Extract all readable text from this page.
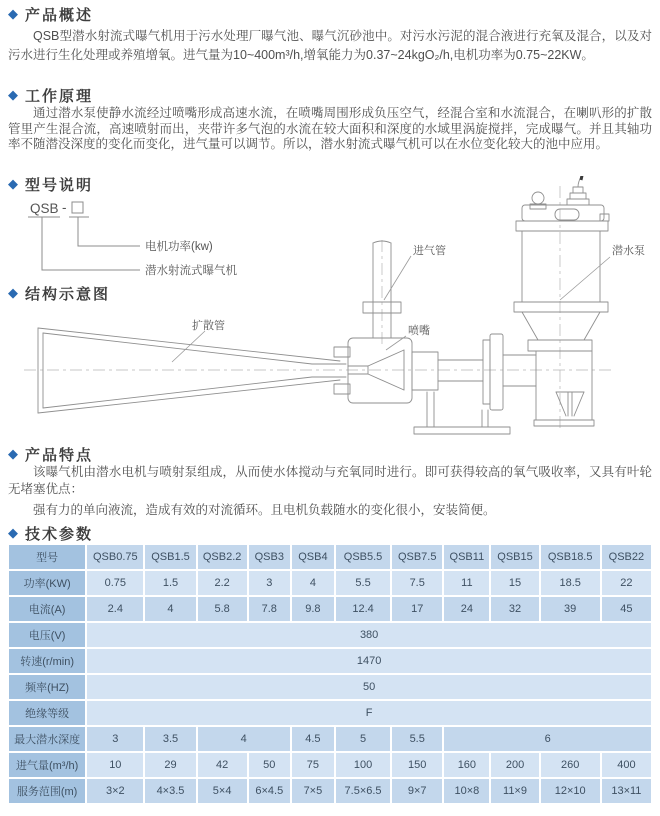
◆ 产品概述

QSB型潜水射流式曝气机用于污水处理厂曝气池、曝气沉砂池中。对污水污泥的混合液进行充氧及混合，以及对污水进行生化处理或养殖增氧。进气量为10~400m³/h,增氧能力为0.37~24kgO₂/h,电机功率为0.75~22KW。

◆ 工作原理

通过潜水泵使静水流经过喷嘴形成高速水流，在喷嘴周围形成负压空气，经混合室和水流混合，在喇叭形的扩散管里产生混合流，高速喷射而出，夹带许多气泡的水流在较大面积和深度的水域里涡旋搅拌，完成曝气。并且其轴功率不随潜没深度的变化而变化，进气量可以调节。所以，潜水射流式曝气机可以在水位变化较大的池中应用。

◆ 型号说明
QSB -
电机功率(kw)
潜水射流式曝气机
◆ 结构示意图
扩散管
进气管
喷嘴
潜水泵
◆ 产品特点

该曝气机由潜水电机与喷射泵组成，从而使水体搅动与充氧同时进行。即可获得较高的氧气吸收率，又具有叶轮无堵塞优点：

强有力的单向液流，造成有效的对流循环。且电机负载随水的变化很小，安装简便。

◆ 技术参数
型号	QSB0.75	QSB1.5	QSB2.2	QSB3	QSB4	QSB5.5	QSB7.5	QSB11	QSB15	QSB18.5	QSB22
功率(KW)	0.75	1.5	2.2	3	4	5.5	7.5	11	15	18.5	22
电流(A)	2.4	4	5.8	7.8	9.8	12.4	17	24	32	39	45
电压(V)	380										
转速(r/min)	1470										
频率(HZ)	50										
绝缘等级	F										
最大潜水深度	3	3.5	4		4.5	5	5.5	6			
进气量(m³/h)	10	29	42	50	75	100	150	160	200	260	400
服务范围(m)	3×2	4×3.5	5×4	6×4.5	7×5	7.5×6.5	9×7	10×8	11×9	12×10	13×11
